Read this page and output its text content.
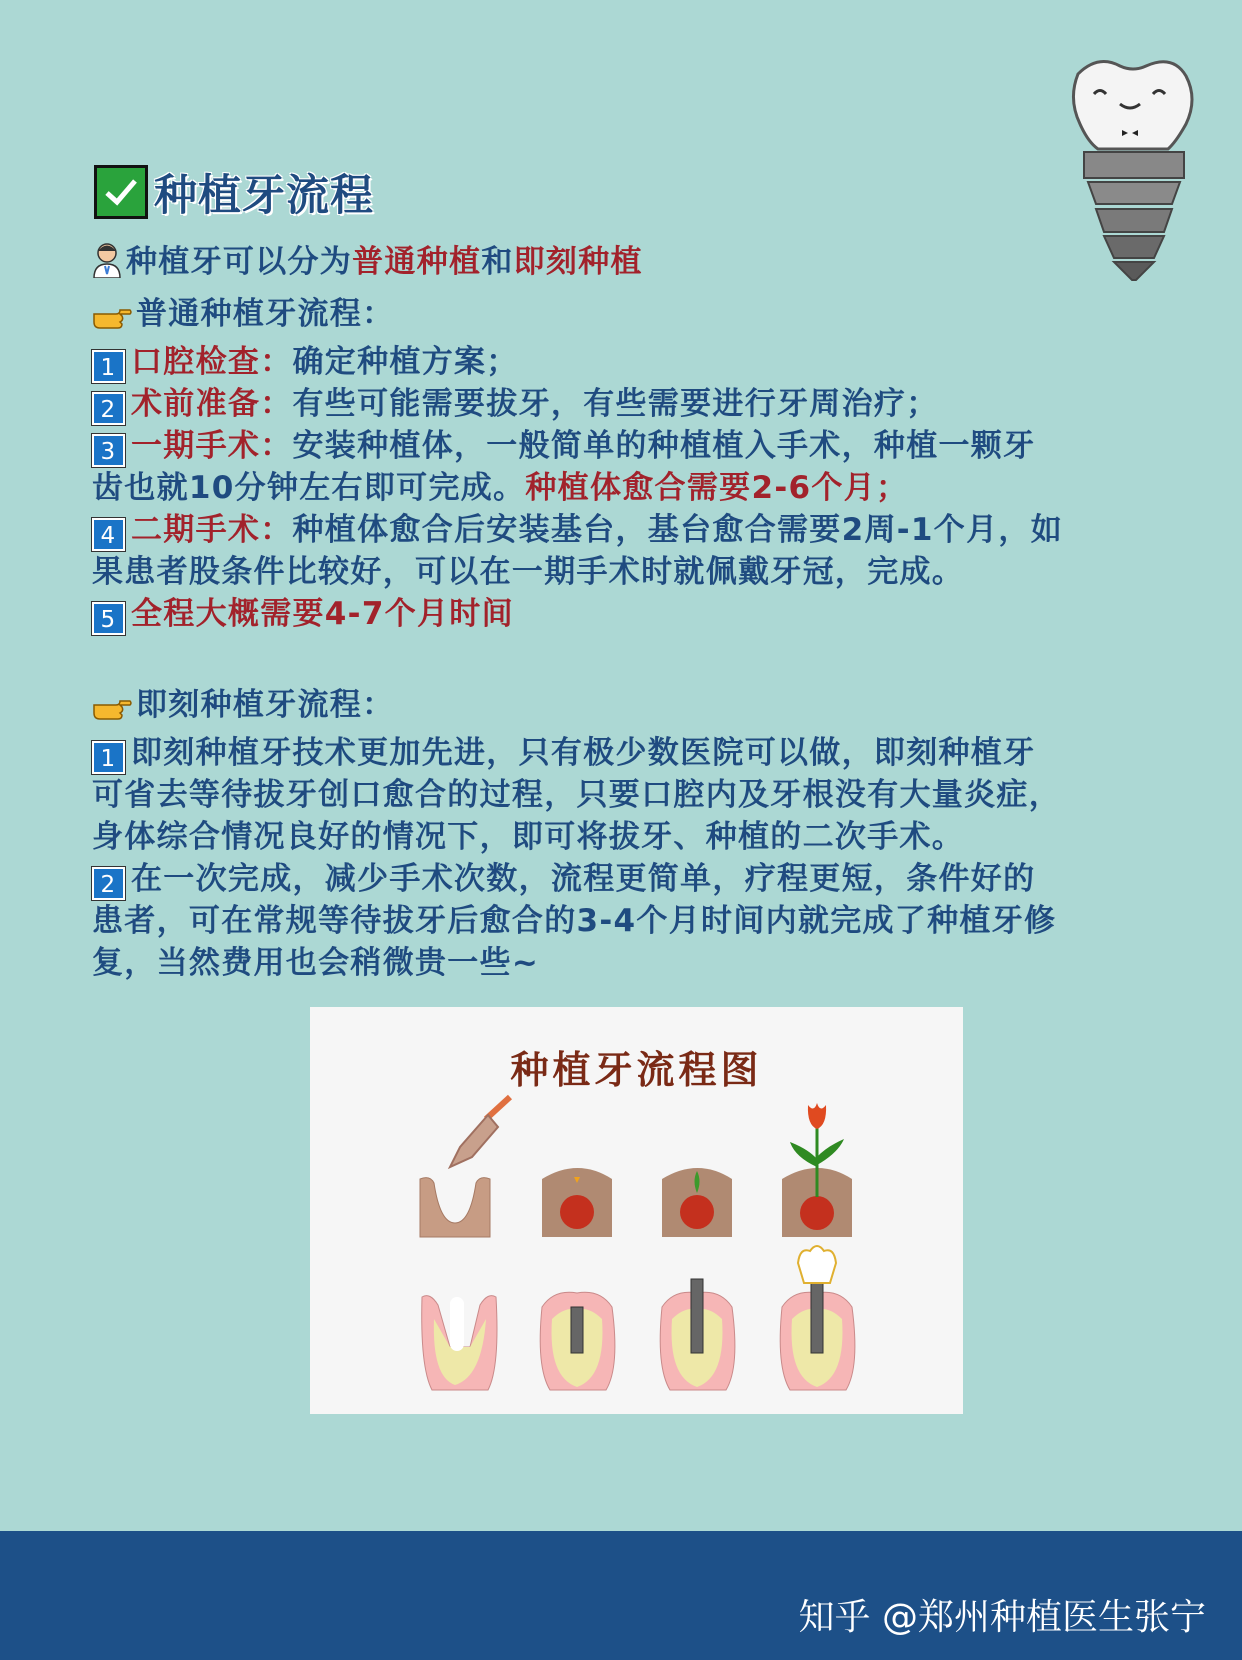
种植牙流程
种植牙可以分为普通种植和即刻种植
普通种植牙流程：
1 口腔检查：确定种植方案；
2 术前准备：有些可能需要拔牙，有些需要进行牙周治疗；
3 一期手术：安装种植体，一般简单的种植植入手术，种植一颗牙
齿也就10分钟左右即可完成。种植体愈合需要2-6个月；
4 二期手术：种植体愈合后安装基台，基台愈合需要2周-1个月，如
果患者股条件比较好，可以在一期手术时就佩戴牙冠，完成。
5 全程大概需要4-7个月时间
即刻种植牙流程：
1 即刻种植牙技术更加先进，只有极少数医院可以做，即刻种植牙
可省去等待拔牙创口愈合的过程，只要口腔内及牙根没有大量炎症，
身体综合情况良好的情况下，即可将拔牙、种植的二次手术。
2 在一次完成，减少手术次数，流程更简单，疗程更短，条件好的
患者，可在常规等待拔牙后愈合的3-4个月时间内就完成了种植牙修
复，当然费用也会稍微贵一些~
种植牙流程图
知乎 @郑州种植医生张宁
